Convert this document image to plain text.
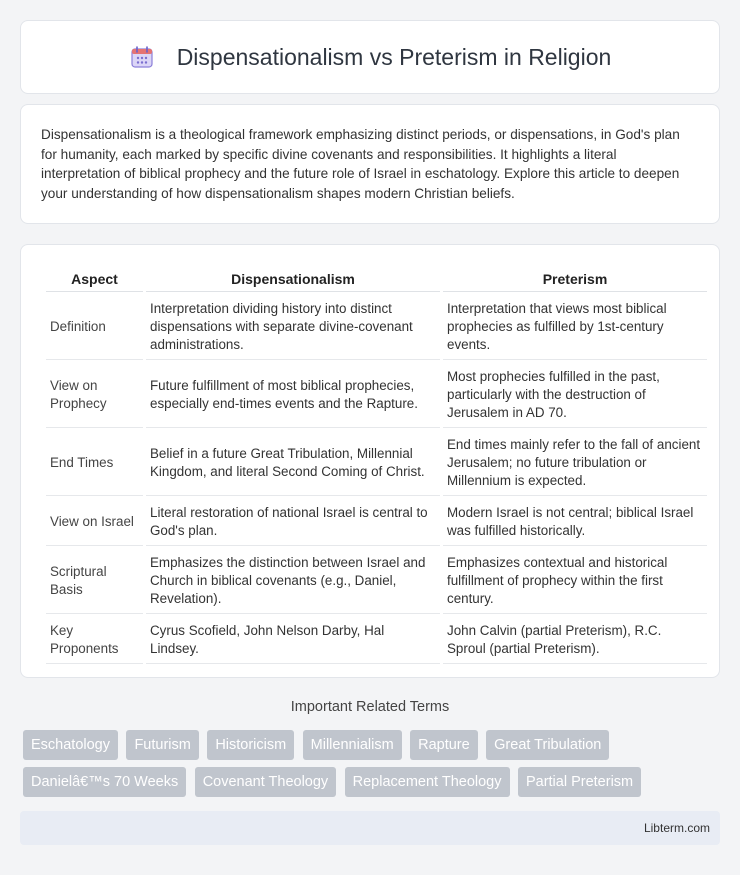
Dispensationalism vs Preterism in Religion

Dispensationalism is a theological framework emphasizing distinct periods, or dispensations, in God's plan for humanity, each marked by specific divine covenants and responsibilities. It highlights a literal interpretation of biblical prophecy and the future role of Israel in eschatology. Explore this article to deepen your understanding of how dispensationalism shapes modern Christian beliefs.

Aspect	Dispensationalism	Preterism
Definition	Interpretation dividing history into distinct dispensations with separate divine-covenant administrations.	Interpretation that views most biblical prophecies as fulfilled by 1st-century events.
View on Prophecy	Future fulfillment of most biblical prophecies, especially end-times events and the Rapture.	Most prophecies fulfilled in the past, particularly with the destruction of Jerusalem in AD 70.
End Times	Belief in a future Great Tribulation, Millennial Kingdom, and literal Second Coming of Christ.	End times mainly refer to the fall of ancient Jerusalem; no future tribulation or Millennium is expected.
View on Israel	Literal restoration of national Israel is central to God's plan.	Modern Israel is not central; biblical Israel was fulfilled historically.
Scriptural Basis	Emphasizes the distinction between Israel and Church in biblical covenants (e.g., Daniel, Revelation).	Emphasizes contextual and historical fulfillment of prophecy within the first century.
Key Proponents	Cyrus Scofield, John Nelson Darby, Hal Lindsey.	John Calvin (partial Preterism), R.C. Sproul (partial Preterism).
Important Related Terms
Eschatology Futurism Historicism Millennialism Rapture Great Tribulation Danielâ€™s 70 Weeks Covenant Theology Replacement Theology Partial Preterism
Libterm.com
